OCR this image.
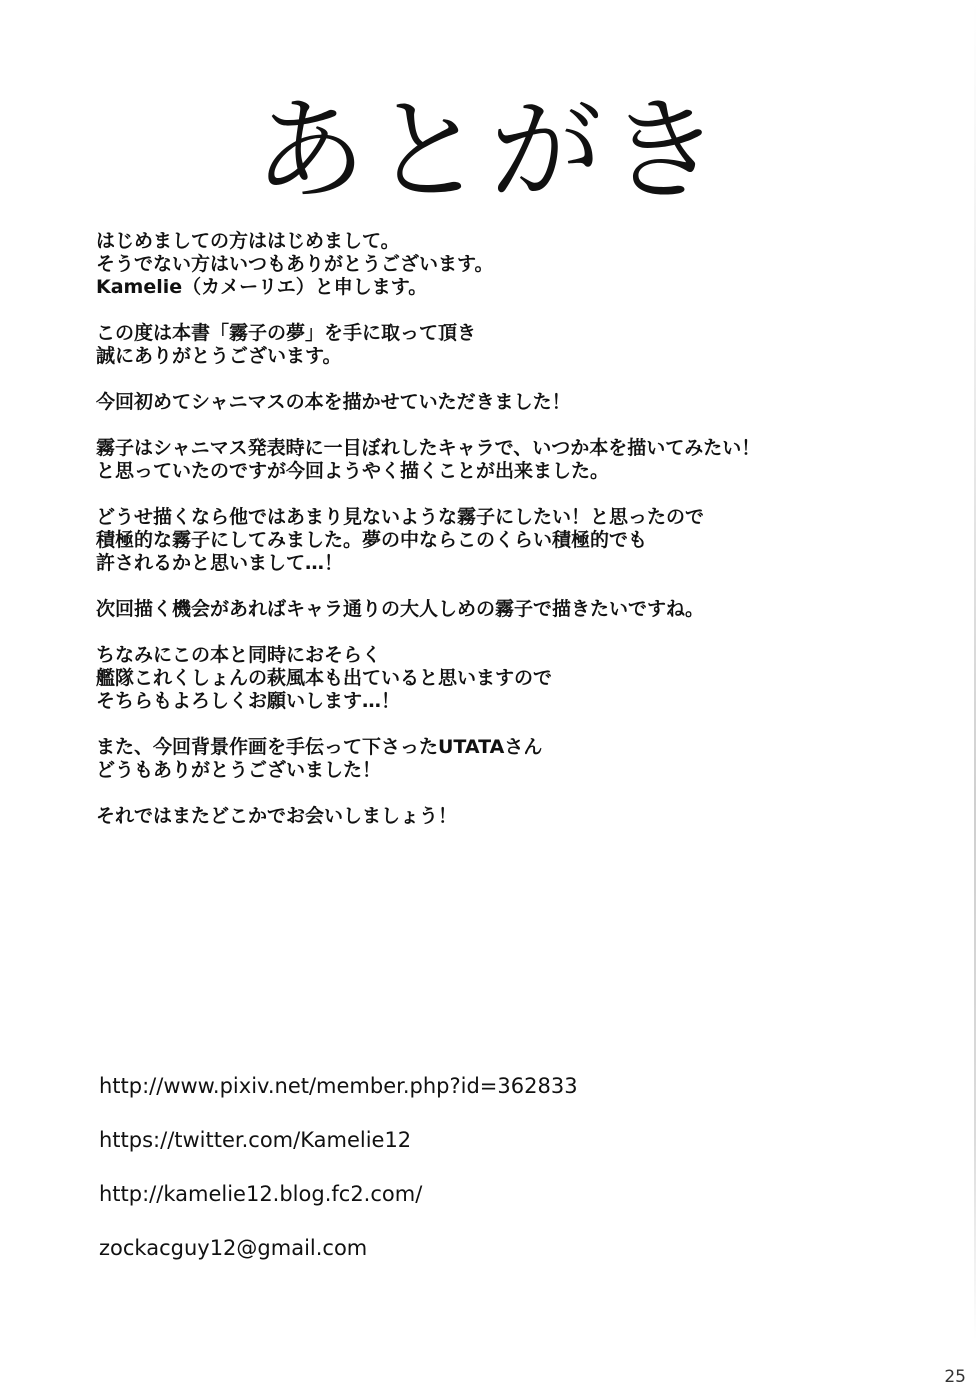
あとがき
はじめましての方ははじめまして。
そうでない方はいつもありがとうございます。
Kamelie（カメーリエ）と申します。
この度は本書「霧子の夢」を手に取って頂き
誠にありがとうございます。
今回初めてシャニマスの本を描かせていただきました！
霧子はシャニマス発表時に一目ぼれしたキャラで、いつか本を描いてみたい！
と思っていたのですが今回ようやく描くことが出来ました。
どうせ描くなら他ではあまり見ないような霧子にしたい！と思ったので
積極的な霧子にしてみました。夢の中ならこのくらい積極的でも
許されるかと思いまして…！
次回描く機会があればキャラ通りの大人しめの霧子で描きたいですね。
ちなみにこの本と同時におそらく
艦隊これくしょんの萩風本も出ていると思いますので
そちらもよろしくお願いします…！
また、今回背景作画を手伝って下さったUTATAさん
どうもありがとうございました！
それではまたどこかでお会いしましょう！
http://www.pixiv.net/member.php?id=362833
https://twitter.com/Kamelie12
http://kamelie12.blog.fc2.com/
zockacguy12@gmail.com
25
